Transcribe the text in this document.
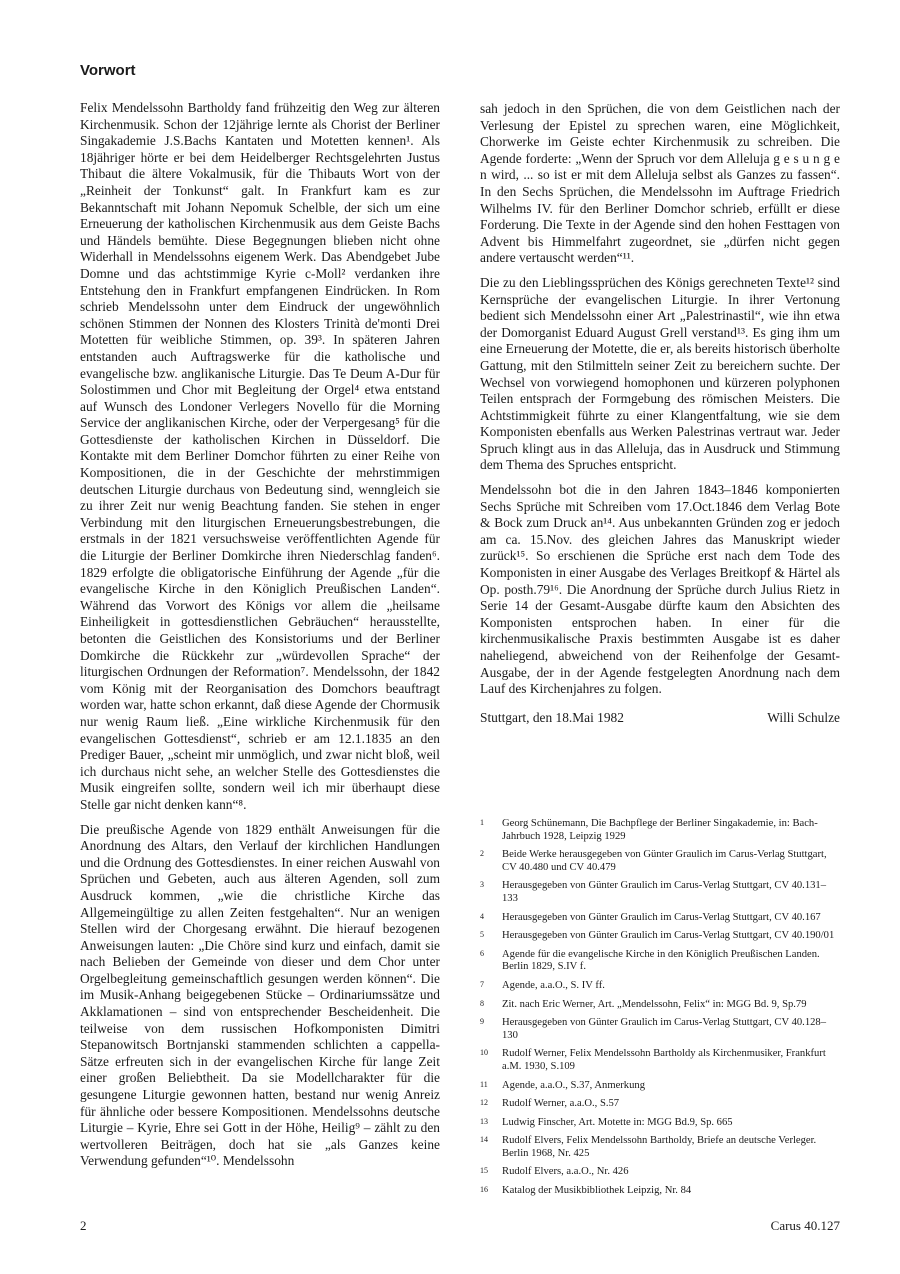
Vorwort

Felix Mendelssohn Bartholdy fand frühzeitig den Weg zur älteren Kirchenmusik. Schon der 12jährige lernte als Chorist der Berliner Singakademie J.S.Bachs Kantaten und Motetten kennen¹. Als 18jähriger hörte er bei dem Heidelberger Rechtsgelehrten Justus Thibaut die ältere Vokalmusik, für die Thibauts Wort von der „Reinheit der Tonkunst“ galt. In Frankfurt kam es zur Bekanntschaft mit Johann Nepomuk Schelble, der sich um eine Erneuerung der katholischen Kirchenmusik aus dem Geiste Bachs und Händels bemühte. Diese Begegnungen blieben nicht ohne Widerhall in Mendelssohns eigenem Werk. Das Abendgebet Jube Domne und das achtstimmige Kyrie c-Moll² verdanken ihre Entstehung den in Frankfurt empfangenen Eindrücken. In Rom schrieb Mendelssohn unter dem Eindruck der ungewöhnlich schönen Stimmen der Nonnen des Klosters Trinità de'monti Drei Motetten für weibliche Stimmen, op. 39³. In späteren Jahren entstanden auch Auftragswerke für die katholische und evangelische bzw. anglikanische Liturgie. Das Te Deum A-Dur für Solostimmen und Chor mit Begleitung der Orgel⁴ etwa entstand auf Wunsch des Londoner Verlegers Novello für die Morning Service der anglikanischen Kirche, oder der Verpergesang⁵ für die Gottesdienste der katholischen Kirchen in Düsseldorf. Die Kontakte mit dem Berliner Domchor führten zu einer Reihe von Kompositionen, die in der Geschichte der mehrstimmigen deutschen Liturgie durchaus von Bedeutung sind, wenngleich sie zu ihrer Zeit nur wenig Beachtung fanden. Sie stehen in enger Verbindung mit den liturgischen Erneuerungsbestrebungen, die erstmals in der 1821 versuchsweise veröffentlichten Agende für die Liturgie der Berliner Domkirche ihren Niederschlag fanden⁶. 1829 erfolgte die obligatorische Einführung der Agende „für die evangelische Kirche in den Königlich Preußischen Landen“. Während das Vorwort des Königs vor allem die „heilsame Einheiligkeit in gottesdienstlichen Gebräuchen“ herausstellte, betonten die Geistlichen des Konsistoriums und der Berliner Domkirche die Rückkehr zur „würdevollen Sprache“ der liturgischen Ordnungen der Reformation⁷. Mendelssohn, der 1842 vom König mit der Reorganisation des Domchors beauftragt worden war, hatte schon erkannt, daß diese Agende der Chormusik nur wenig Raum ließ. „Eine wirkliche Kirchenmusik für den evangelischen Gottesdienst“, schrieb er am 12.1.1835 an den Prediger Bauer, „scheint mir unmöglich, und zwar nicht bloß, weil ich durchaus nicht sehe, an welcher Stelle des Gottesdienstes die Musik eingreifen sollte, sondern weil ich mir überhaupt diese Stelle gar nicht denken kann“⁸.

Die preußische Agende von 1829 enthält Anweisungen für die Anordnung des Altars, den Verlauf der kirchlichen Handlungen und die Ordnung des Gottesdienstes. In einer reichen Auswahl von Sprüchen und Gebeten, auch aus älteren Agenden, soll zum Ausdruck kommen, „wie die christliche Kirche das Allgemeingültige zu allen Zeiten festgehalten“. Nur an wenigen Stellen wird der Chorgesang erwähnt. Die hierauf bezogenen Anweisungen lauten: „Die Chöre sind kurz und einfach, damit sie nach Belieben der Gemeinde von dieser und dem Chor unter Orgelbegleitung gemeinschaftlich gesungen werden können“. Die im Musik-Anhang beigegebenen Stücke – Ordinariumssätze und Akklamationen – sind von entsprechender Bescheidenheit. Die teilweise von dem russischen Hofkomponisten Dimitri Stepanowitsch Bortnjanski stammenden schlichten a cappella-Sätze erfreuten sich in der evangelischen Kirche für lange Zeit einer großen Beliebtheit. Da sie Modellcharakter für die gesungene Liturgie gewonnen hatten, bestand nur wenig Anreiz für ähnliche oder bessere Kompositionen. Mendelssohns deutsche Liturgie – Kyrie, Ehre sei Gott in der Höhe, Heilig⁹ – zählt zu den wertvolleren Beiträgen, doch hat sie „als Ganzes keine Verwendung gefunden“¹⁰. Mendelssohn

sah jedoch in den Sprüchen, die von dem Geistlichen nach der Verlesung der Epistel zu sprechen waren, eine Möglichkeit, Chorwerke im Geiste echter Kirchenmusik zu schreiben. Die Agende forderte: „Wenn der Spruch vor dem Alleluja g e s u n g e n wird, ... so ist er mit dem Alleluja selbst als Ganzes zu fassen“. In den Sechs Sprüchen, die Mendelssohn im Auftrage Friedrich Wilhelms IV. für den Berliner Domchor schrieb, erfüllt er diese Forderung. Die Texte in der Agende sind den hohen Festtagen von Advent bis Himmelfahrt zugeordnet, sie „dürfen nicht gegen andere vertauscht werden“¹¹.

Die zu den Lieblingssprüchen des Königs gerechneten Texte¹² sind Kernsprüche der evangelischen Liturgie. In ihrer Vertonung bedient sich Mendelssohn einer Art „Palestrinastil“, wie ihn etwa der Domorganist Eduard August Grell verstand¹³. Es ging ihm um eine Erneuerung der Motette, die er, als bereits historisch überholte Gattung, mit den Stilmitteln seiner Zeit zu bereichern suchte. Der Wechsel von vorwiegend homophonen und kürzeren polyphonen Teilen entsprach der Formgebung des römischen Meisters. Die Achtstimmigkeit führte zu einer Klangentfaltung, wie sie dem Komponisten ebenfalls aus Werken Palestrinas vertraut war. Jeder Spruch klingt aus in das Alleluja, das in Ausdruck und Stimmung dem Thema des Spruches entspricht.

Mendelssohn bot die in den Jahren 1843–1846 komponierten Sechs Sprüche mit Schreiben vom 17.Oct.1846 dem Verlag Bote & Bock zum Druck an¹⁴. Aus unbekannten Gründen zog er jedoch am ca. 15.Nov. des gleichen Jahres das Manuskript wieder zurück¹⁵. So erschienen die Sprüche erst nach dem Tode des Komponisten in einer Ausgabe des Verlages Breitkopf & Härtel als Op. posth.79¹⁶. Die Anordnung der Sprüche durch Julius Rietz in Serie 14 der Gesamt-Ausgabe dürfte kaum den Absichten des Komponisten entsprochen haben. In einer für die kirchenmusikalische Praxis bestimmten Ausgabe ist es daher naheliegend, abweichend von der Reihenfolge der Gesamt-Ausgabe, der in der Agende festgelegten Anordnung nach dem Lauf des Kirchenjahres zu folgen.

Stuttgart, den 18.Mai 1982	Willi Schulze
1	Georg Schünemann, Die Bachpflege der Berliner Singakademie, in: Bach-Jahrbuch 1928, Leipzig 1929
2	Beide Werke herausgegeben von Günter Graulich im Carus-Verlag Stuttgart, CV 40.480 und CV 40.479
3	Herausgegeben von Günter Graulich im Carus-Verlag Stuttgart, CV 40.131–133
4	Herausgegeben von Günter Graulich im Carus-Verlag Stuttgart, CV 40.167
5	Herausgegeben von Günter Graulich im Carus-Verlag Stuttgart, CV 40.190/01
6	Agende für die evangelische Kirche in den Königlich Preußischen Landen. Berlin 1829, S.IV f.
7	Agende, a.a.O., S. IV ff.
8	Zit. nach Eric Werner, Art. „Mendelssohn, Felix“ in: MGG Bd. 9, Sp.79
9	Herausgegeben von Günter Graulich im Carus-Verlag Stuttgart, CV 40.128–130
10	Rudolf Werner, Felix Mendelssohn Bartholdy als Kirchenmusiker, Frankfurt a.M. 1930, S.109
11	Agende, a.a.O., S.37, Anmerkung
12	Rudolf Werner, a.a.O., S.57
13	Ludwig Finscher, Art. Motette in: MGG Bd.9, Sp. 665
14	Rudolf Elvers, Felix Mendelssohn Bartholdy, Briefe an deutsche Verleger. Berlin 1968, Nr. 425
15	Rudolf Elvers, a.a.O., Nr. 426
16	Katalog der Musikbibliothek Leipzig, Nr. 84
2	Carus 40.127
